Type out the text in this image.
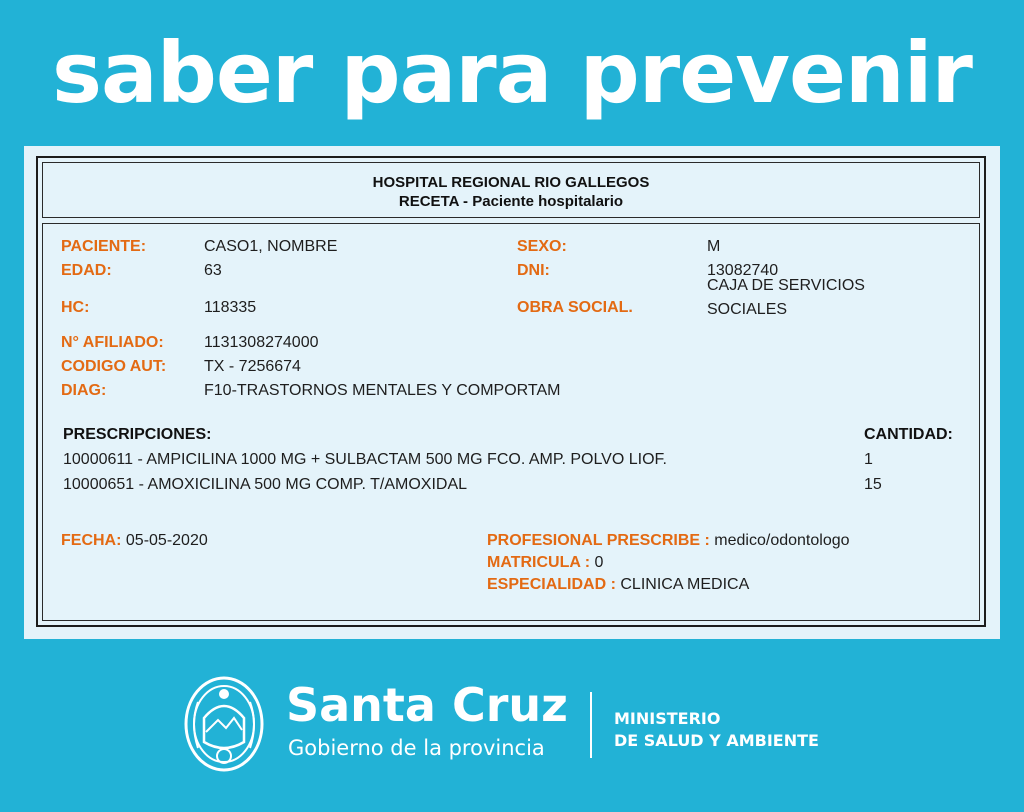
saber para prevenir
HOSPITAL REGIONAL RIO GALLEGOS
RECETA - Paciente hospitalario
PACIENTE:	CASO1, NOMBRE
EDAD:	63
HC:	118335
N° AFILIADO:	1131308274000
CODIGO AUT: TX - 7256674
DIAG:	F10-TRASTORNOS MENTALES Y COMPORTAM
SEXO:	M
DNI:	13082740
OBRA SOCIAL.
CAJA DE SERVICIOS SOCIALES
PRESCRIPCIONES:	CANTIDAD:
10000611 - AMPICILINA 1000 MG + SULBACTAM 500 MG FCO. AMP. POLVO LIOF.	1
10000651 - AMOXICILINA 500 MG COMP. T/AMOXIDAL	15
FECHA: 05-05-2020	PROFESIONAL PRESCRIBE : medico/odontologo
MATRICULA : 0
ESPECIALIDAD : CLINICA MEDICA
Santa Cruz
Gobierno de la provincia
MINISTERIO
DE SALUD Y AMBIENTE
